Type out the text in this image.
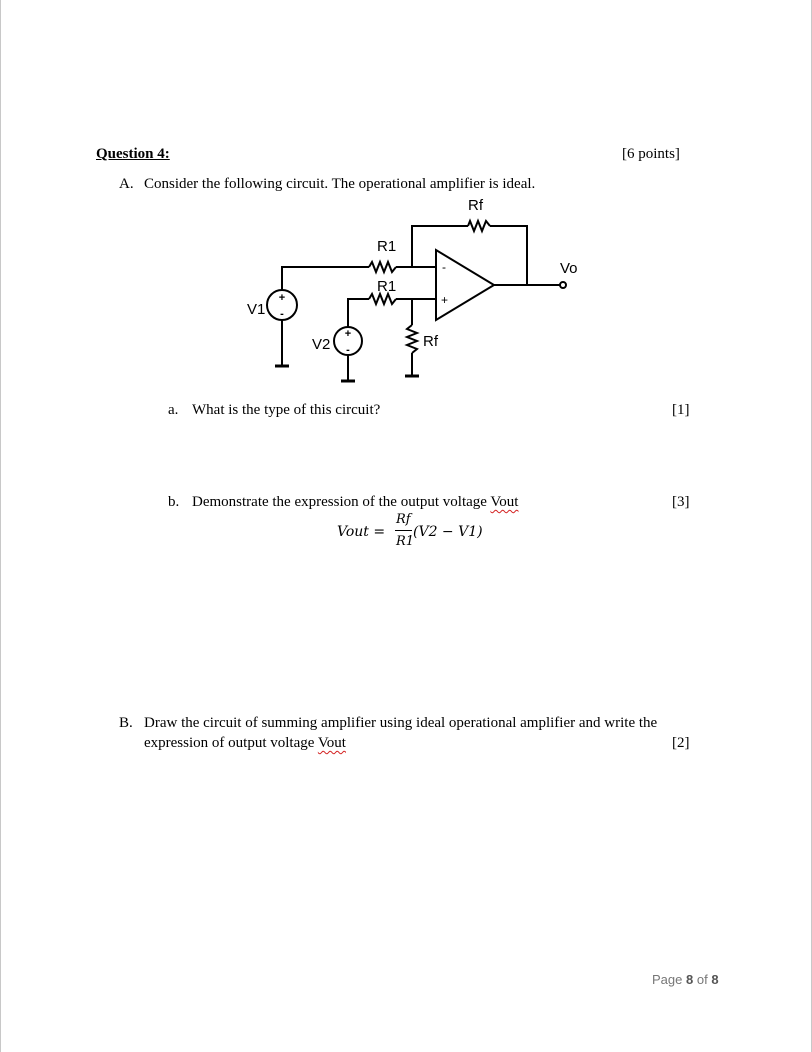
Question 4:	[6 points]
A. Consider the following circuit. The operational amplifier is ideal.
+
-
+
-
-
+
Rf
R1
R1
Rf
V1
V2
Vo
a. What is the type of this circuit?	[1]
b. Demonstrate the expression of the output voltage Vout	[3]
Vout =
Rf
R1
(V2 − V1)
B. Draw the circuit of summing amplifier using ideal operational amplifier and write the
expression of output voltage Vout	[2]
Page 8 of 8
